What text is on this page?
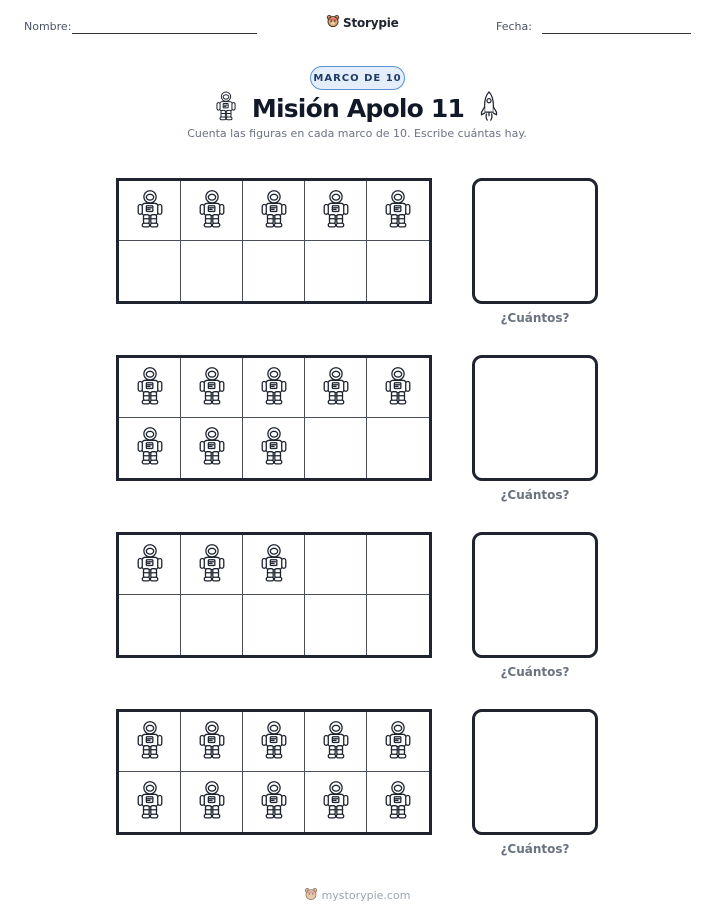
Nombre:	Storypie	Fecha:
MARCO DE 10
Misión Apolo 11
Cuenta las figuras en cada marco de 10. Escribe cuántas hay.
¿Cuántos?
¿Cuántos?
¿Cuántos?
¿Cuántos?
mystorypie.com
